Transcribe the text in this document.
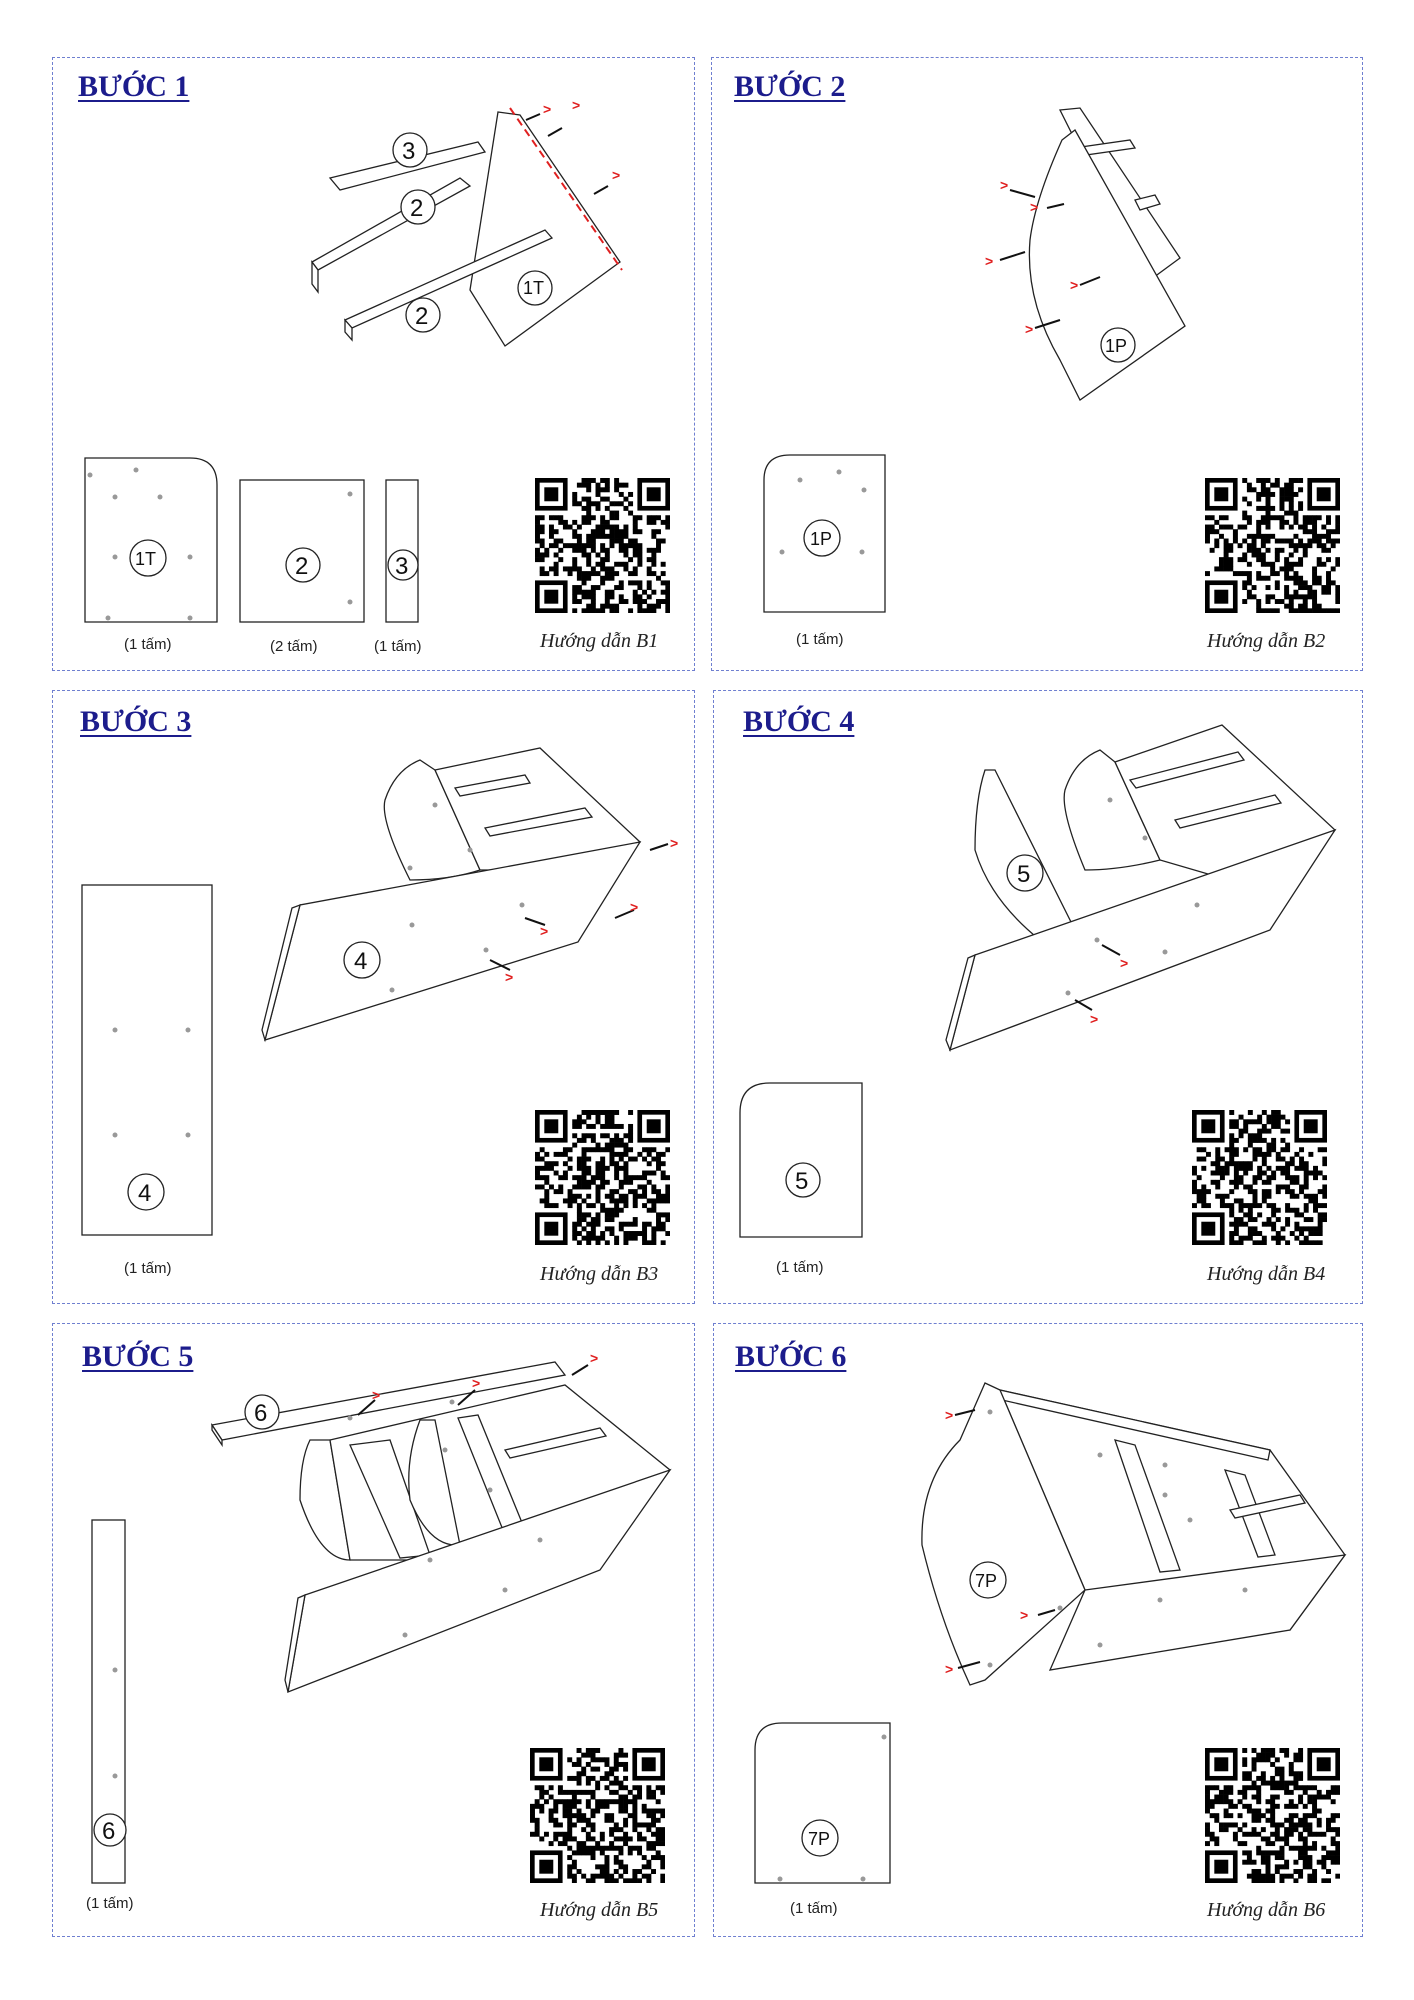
BƯỚC 1
> >
>
3
2
2
1T
1T	2	3
(1 tấm)	(2 tấm)	(1 tấm)	Hướng dẫn B1
BƯỚC 2
>
>
>
>
>
1P
1P
(1 tấm)	Hướng dẫn B2
BƯỚC 3
>
>
>
>
4
4
(1 tấm)	Hướng dẫn B3
BƯỚC 4
>
>
5
5
(1 tấm)	Hướng dẫn B4
BƯỚC 5
>
>
>
6
6
(1 tấm)	Hướng dẫn B5
BƯỚC 6
>
>
>
7P
7P
(1 tấm)	Hướng dẫn B6
